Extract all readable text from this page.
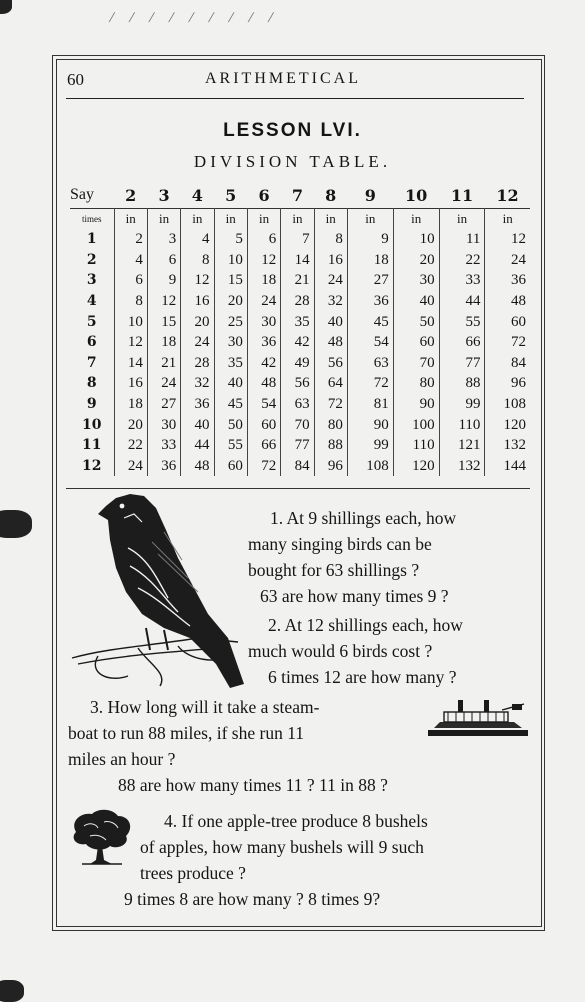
/ / / / / / / / /
60	ARITHMETICAL
LESSON LVI.
DIVISION TABLE.
Say	2	3	4	5	6	7	8	9	10	11	12
times	in	in	in	in	in	in	in	in	in	in	in
1	2	3	4	5	6	7	8	9	10	11	12
2	4	6	8	10	12	14	16	18	20	22	24
3	6	9	12	15	18	21	24	27	30	33	36
4	8	12	16	20	24	28	32	36	40	44	48
5	10	15	20	25	30	35	40	45	50	55	60
6	12	18	24	30	36	42	48	54	60	66	72
7	14	21	28	35	42	49	56	63	70	77	84
8	16	24	32	40	48	56	64	72	80	88	96
9	18	27	36	45	54	63	72	81	90	99	108
10	20	30	40	50	60	70	80	90	100	110	120
11	22	33	44	55	66	77	88	99	110	121	132
12	24	36	48	60	72	84	96	108	120	132	144
1. At 9 shillings each, how
many singing birds can be
bought for 63 shillings ?
63 are how many times 9 ?
2. At 12 shillings each, how
much would 6 birds cost ?
6 times 12 are how many ?
3. How long will it take a steam-
boat to run 88 miles, if she run 11
miles an hour ?
88 are how many times 11 ? 11 in 88 ?
4. If one apple-tree produce 8 bushels
of apples, how many bushels will 9 such
trees produce ?
9 times 8 are how many ? 8 times 9?
